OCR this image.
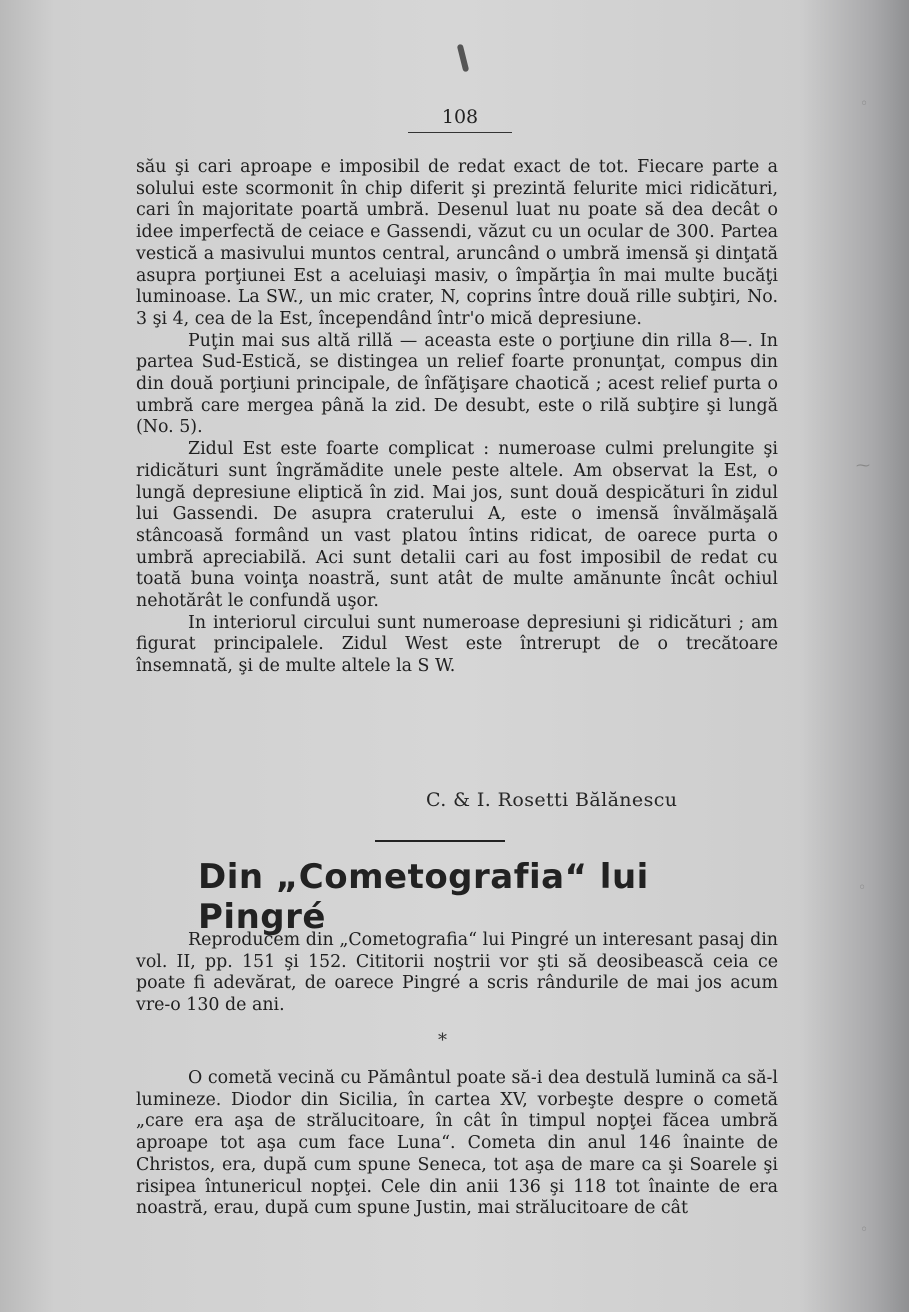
108

său şi cari aproape e imposibil de redat exact de tot. Fiecare parte a solului este scormonit în chip diferit şi prezintă felurite mici ridicături, cari în majoritate poartă umbră. Desenul luat nu poate să dea decât o idee imperfectă de ceiace e Gassendi, văzut cu un ocular de 300. Partea vestică a masivului muntos central, aruncând o umbră imensă şi dinţată asupra porţiunei Est a aceluiaşi masiv, o împărţia în mai multe bucăţi luminoase. La SW., un mic crater, N, coprins între două rille subţiri, No. 3 şi 4, cea de la Est, încependând într'o mică depresiune.

Puţin mai sus altă rillă — aceasta este o porţiune din rilla 8—. In partea Sud-Estică, se distingea un relief foarte pronunţat, compus din din două porţiuni principale, de înfăţişare chaotică ; acest relief purta o umbră care mergea până la zid. De desubt, este o rilă subţire şi lungă (No. 5).

Zidul Est este foarte complicat : numeroase culmi prelungite şi ridicături sunt îngrămădite unele peste altele. Am observat la Est, o lungă depresiune eliptică în zid. Mai jos, sunt două despicături în zidul lui Gassendi. De asupra craterului A, este o imensă învălmăşală stâncoasă formând un vast platou întins ridicat, de oarece purta o umbră apreciabilă. Aci sunt detalii cari au fost imposibil de redat cu toată buna voinţa noastră, sunt atât de multe amănunte încât ochiul nehotărât le confundă uşor.

In interiorul circului sunt numeroase depresiuni şi ridicături ; am figurat principalele. Zidul West este întrerupt de o trecătoare însemnată, şi de multe altele la S W.

C. & I. Rosetti Bălănescu
Din „Cometografia“ lui Pingré

Reproducem din „Cometografia“ lui Pingré un interesant pasaj din vol. II, pp. 151 şi 152. Cititorii noştrii vor şti să deosibească ceia ce poate fi adevărat, de oarece Pingré a scris rândurile de mai jos acum vre-o 130 de ani.

*

O cometă vecină cu Pământul poate să-i dea destulă lumină ca să-l lumineze. Diodor din Sicilia, în cartea XV, vorbeşte despre o cometă „care era aşa de strălucitoare, în cât în timpul nopţei făcea umbră aproape tot aşa cum face Luna“. Cometa din anul 146 înainte de Christos, era, după cum spune Seneca, tot aşa de mare ca şi Soarele şi risipea întunericul nopţei. Cele din anii 136 şi 118 tot înainte de era noastră, erau, după cum spune Justin, mai strălucitoare de cât

◦
⁓
◦
◦
